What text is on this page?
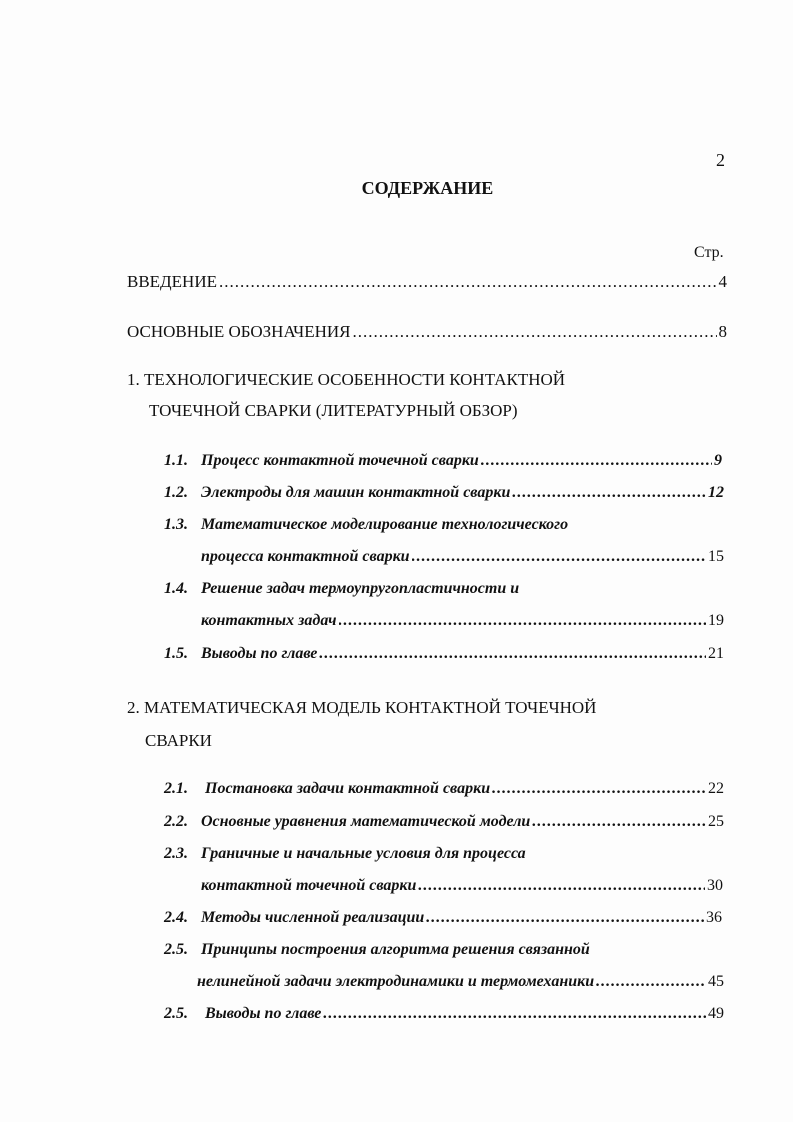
2
СОДЕРЖАНИЕ
Стр.
ВВЕДЕНИЕ .....	4
ОСНОВНЫЕ ОБОЗНАЧЕНИЯ .....	8
1. ТЕХНОЛОГИЧЕСКИЕ ОСОБЕННОСТИ КОНТАКТНОЙ
ТОЧЕЧНОЙ СВАРКИ (ЛИТЕРАТУРНЫЙ ОБЗОР)
1.1. Процесс контактной точечной сварки .....	9
1.2. Электроды для машин контактной сварки .....	12
1.3. Математическое моделирование технологического
процесса контактной сварки .....	15
1.4. Решение задач термоупругопластичности и
контактных задач .....	19
1.5. Выводы по главе .....	21
2. МАТЕМАТИЧЕСКАЯ МОДЕЛЬ КОНТАКТНОЙ ТОЧЕЧНОЙ
СВАРКИ
2.1. Постановка задачи контактной сварки .....	22
2.2. Основные уравнения математической модели .....	25
2.3. Граничные и начальные условия для процесса
контактной точечной сварки .....	30
2.4. Методы численной реализации .....	36
2.5. Принципы построения алгоритма решения связанной
нелинейной задачи электродинамики и термомеханики .....	45
2.5. Выводы по главе .....	49
